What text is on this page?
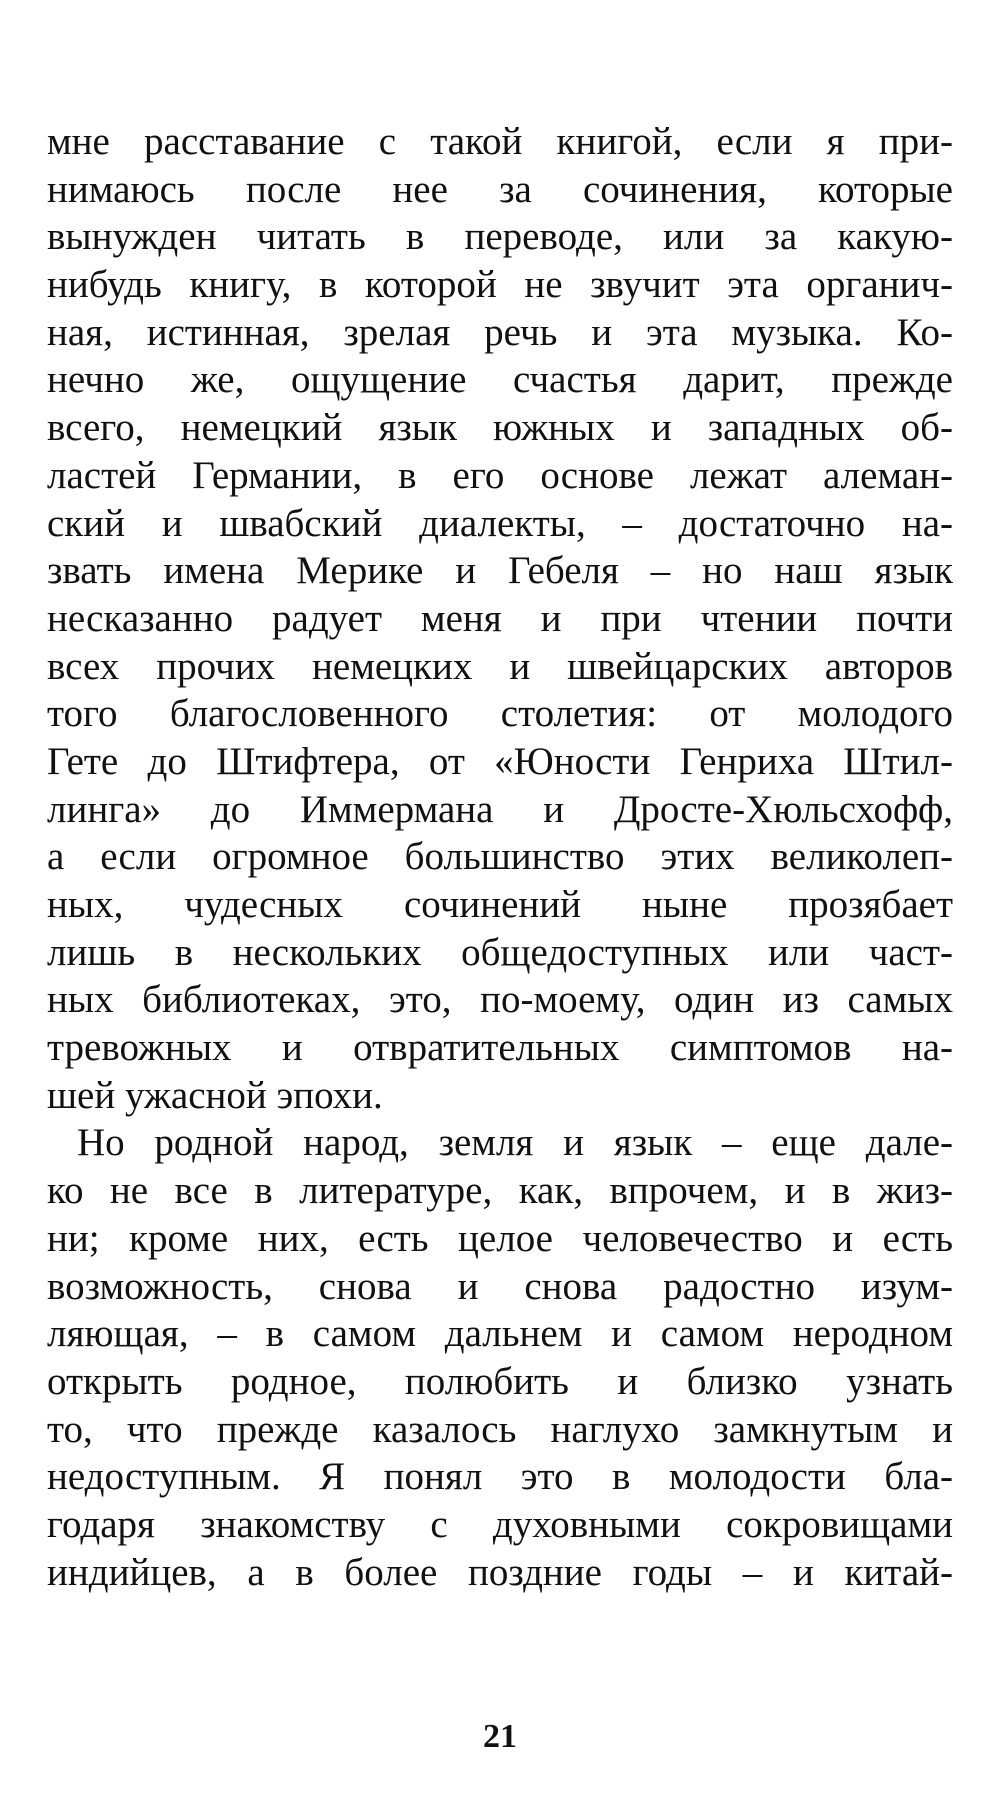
мне расставание с такой книгой, если я при-
нимаюсь после нее за сочинения, которые
вынужден читать в переводе, или за какую-
нибудь книгу, в которой не звучит эта органич-
ная, истинная, зрелая речь и эта музыка. Ко-
нечно же, ощущение счастья дарит, прежде
всего, немецкий язык южных и западных об-
ластей Германии, в его основе лежат алеман-
ский и швабский диалекты, – достаточно на-
звать имена Мерике и Гебеля – но наш язык
несказанно радует меня и при чтении почти
всех прочих немецких и швейцарских авторов
того благословенного столетия: от молодого
Гете до Штифтера, от «Юности Генриха Штил-
линга» до Иммермана и Дросте-Хюльсхофф,
а если огромное большинство этих великолеп-
ных, чудесных сочинений ныне прозябает
лишь в нескольких общедоступных или част-
ных библиотеках, это, по-моему, один из самых
тревожных и отвратительных симптомов на-
шей ужасной эпохи.
Но родной народ, земля и язык – еще дале-
ко не все в литературе, как, впрочем, и в жиз-
ни; кроме них, есть целое человечество и есть
возможность, снова и снова радостно изум-
ляющая, – в самом дальнем и самом неродном
открыть родное, полюбить и близко узнать
то, что прежде казалось наглухо замкнутым и
недоступным. Я понял это в молодости бла-
годаря знакомству с духовными сокровищами
индийцев, а в более поздние годы – и китай-
21
